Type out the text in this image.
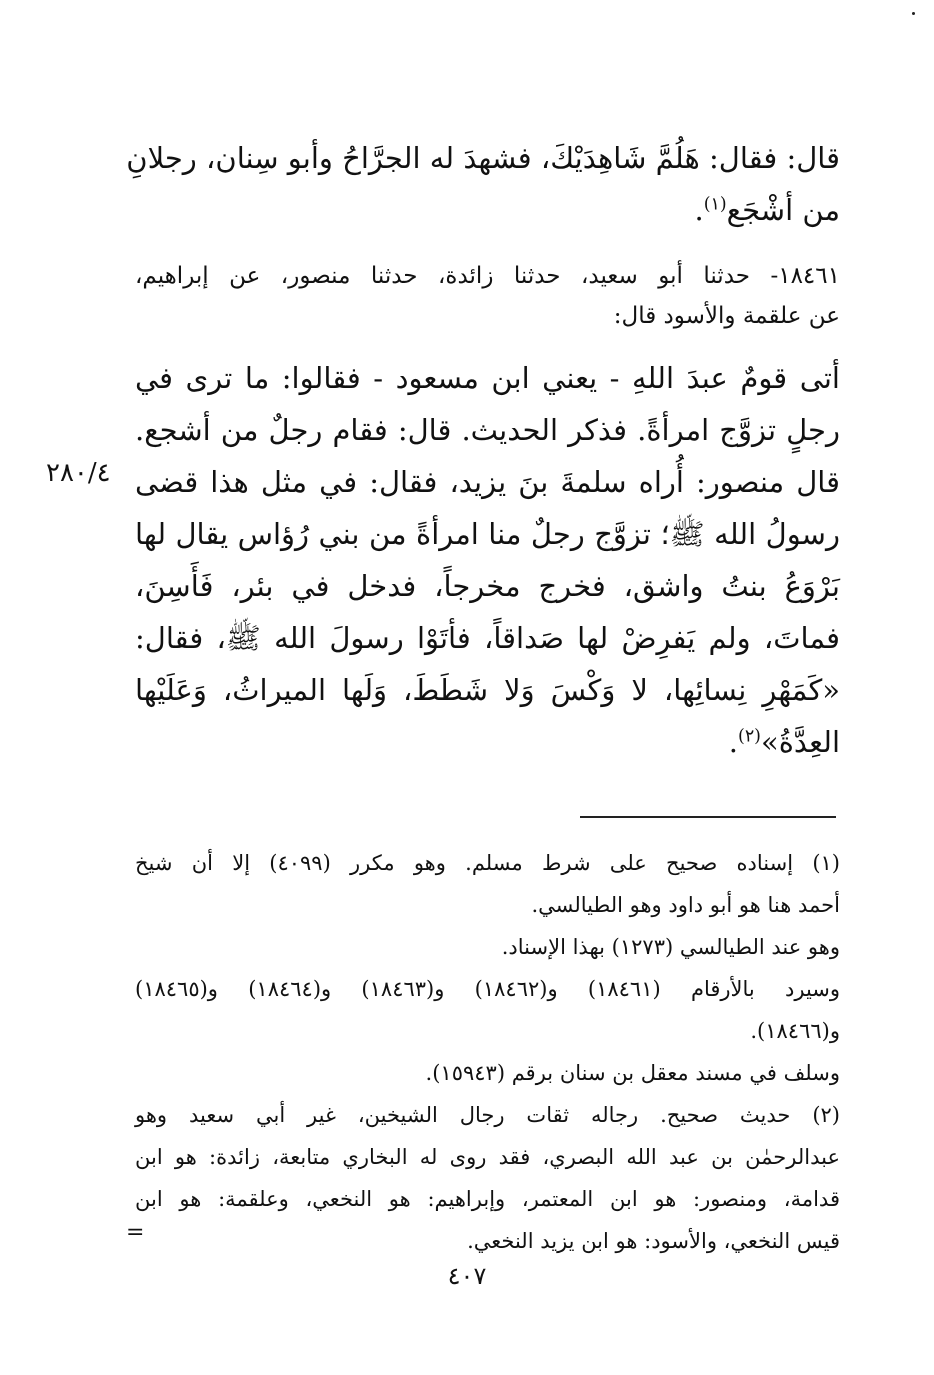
قال: فقال: هَلُمَّ شَاهِدَيْكَ، فشهدَ له الجرَّاحُ وأبو سِنان، رجلانِ
من أشْجَع$^{(١)}$.
١٨٤٦١- حدثنا أبو سعيد، حدثنا زائدة، حدثنا منصور، عن إبراهيم،
عن علقمة والأسود قال:
أتى قومٌ عبدَ اللهِ - يعني ابن مسعود - فقالوا: ما ترى في
رجلٍ تزوَّج امرأةً. فذكر الحديث. قال: فقام رجلٌ من أشجع.
قال منصور: أُراه سلمةَ بنَ يزيد، فقال: في مثل هذا قضى
رسولُ الله ﷺ؛ تزوَّج رجلٌ منا امرأةً من بني رُؤاس يقال لها
بَرْوَعُ بنتُ واشق، فخرج مخرجاً، فدخل في بئر، فَأَسِنَ،
فماتَ، ولم يَفرِضْ لها صَداقاً، فأتَوْا رسولَ الله ﷺ، فقال:
«كَمَهْرِ نِسائِها، لا وَكْسَ وَلا شَطَطَ، وَلَها الميراثُ، وَعَلَيْها
العِدَّةُ»$^{(٢)}$.
٢٨٠/٤
(١) إسناده صحيح على شرط مسلم. وهو مكرر (٤٠٩٩) إلا أن شيخ
أحمد هنا هو أبو داود وهو الطيالسي.
وهو عند الطيالسي (١٢٧٣) بهذا الإسناد.
وسيرد بالأرقام (١٨٤٦١) و(١٨٤٦٢) و(١٨٤٦٣) و(١٨٤٦٤) و(١٨٤٦٥)
و(١٨٤٦٦).
وسلف في مسند معقل بن سنان برقم (١٥٩٤٣).
(٢) حديث صحيح. رجاله ثقات رجال الشيخين، غير أبي سعيد وهو
عبدالرحمٰن بن عبد الله البصري، فقد روى له البخاري متابعة، زائدة: هو ابن
قدامة، ومنصور: هو ابن المعتمر، وإبراهيم: هو النخعي، وعلقمة: هو ابن
قيس النخعي، والأسود: هو ابن يزيد النخعي.
=
٤٠٧
